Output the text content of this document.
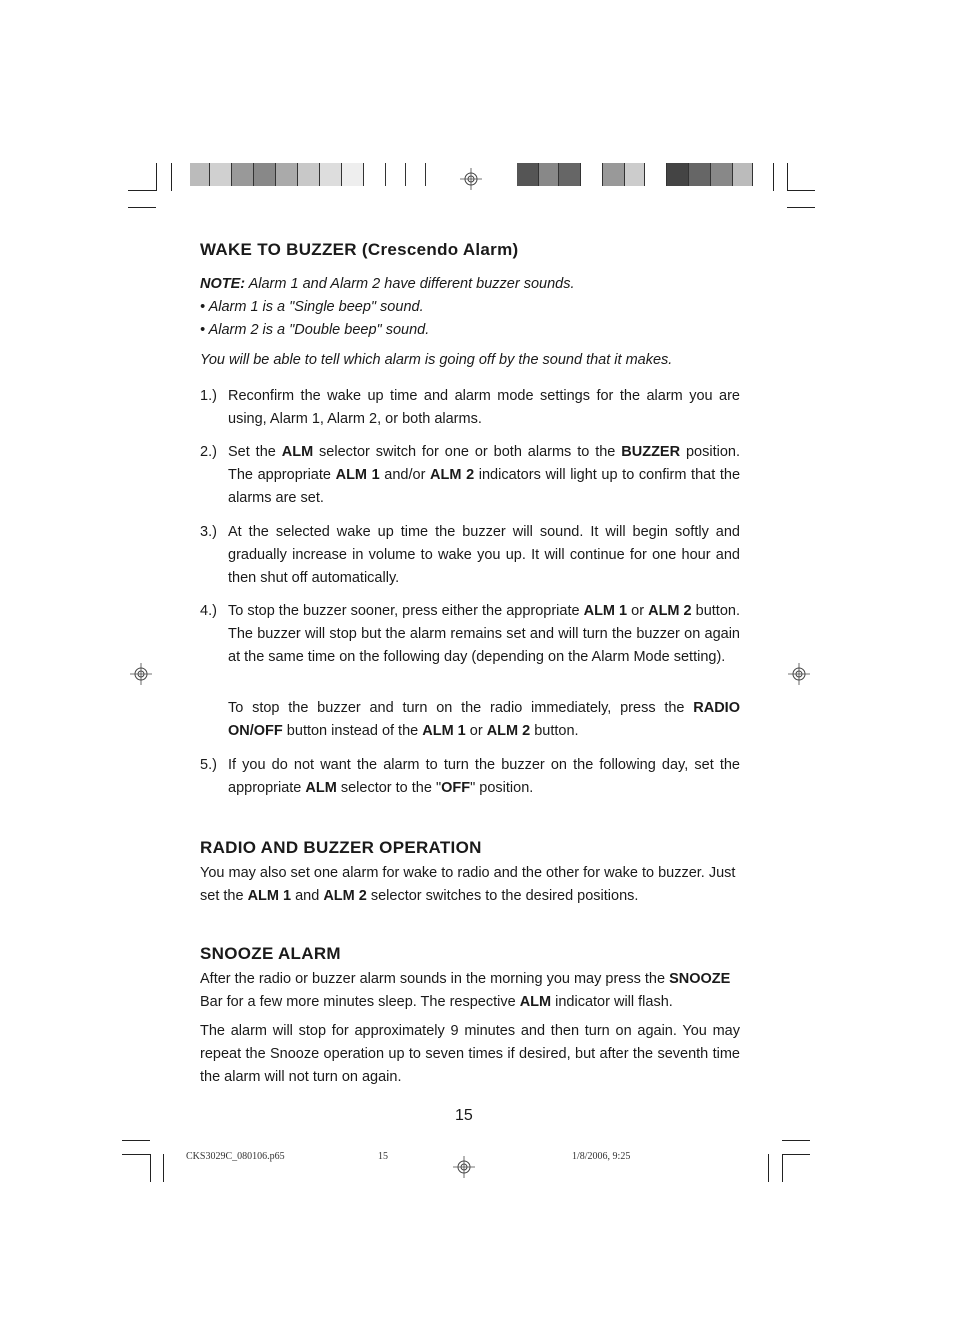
WAKE TO BUZZER (Crescendo Alarm)

NOTE: Alarm 1 and Alarm 2 have different buzzer sounds.

• Alarm 1 is a "Single beep" sound.

• Alarm 2 is a "Double beep" sound.

You will be able to tell which alarm is going off by the sound that it makes.

1.) Reconfirm the wake up time and alarm mode settings for the alarm you are using, Alarm 1, Alarm 2, or both alarms.
2.) Set the ALM selector switch for one or both alarms to the BUZZER position. The appropriate ALM 1 and/or ALM 2 indicators will light up to confirm that the alarms are set.
3.) At the selected wake up time the buzzer will sound. It will begin softly and gradually increase in volume to wake you up. It will continue for one hour and then shut off automatically.
4.) To stop the buzzer sooner, press either the appropriate ALM 1 or ALM 2 button. The buzzer will stop but the alarm remains set and will turn the buzzer on again at the same time on the following day (depending on the Alarm Mode setting).
To stop the buzzer and turn on the radio immediately, press the RADIO ON/OFF button instead of the ALM 1 or ALM 2 button.
5.) If you do not want the alarm to turn the buzzer on the following day, set the appropriate ALM selector to the "OFF" position.
RADIO AND BUZZER OPERATION

You may also set one alarm for wake to radio and the other for wake to buzzer. Just set the ALM 1 and ALM 2 selector switches to the desired positions.

SNOOZE ALARM

After the radio or buzzer alarm sounds in the morning you may press the SNOOZE Bar for a few more minutes sleep. The respective ALM indicator will flash.

The alarm will stop for approximately 9 minutes and then turn on again. You may repeat the Snooze operation up to seven times if desired, but after the seventh time the alarm will not turn on again.

15
CKS3029C_080106.p65	15	1/8/2006, 9:25
